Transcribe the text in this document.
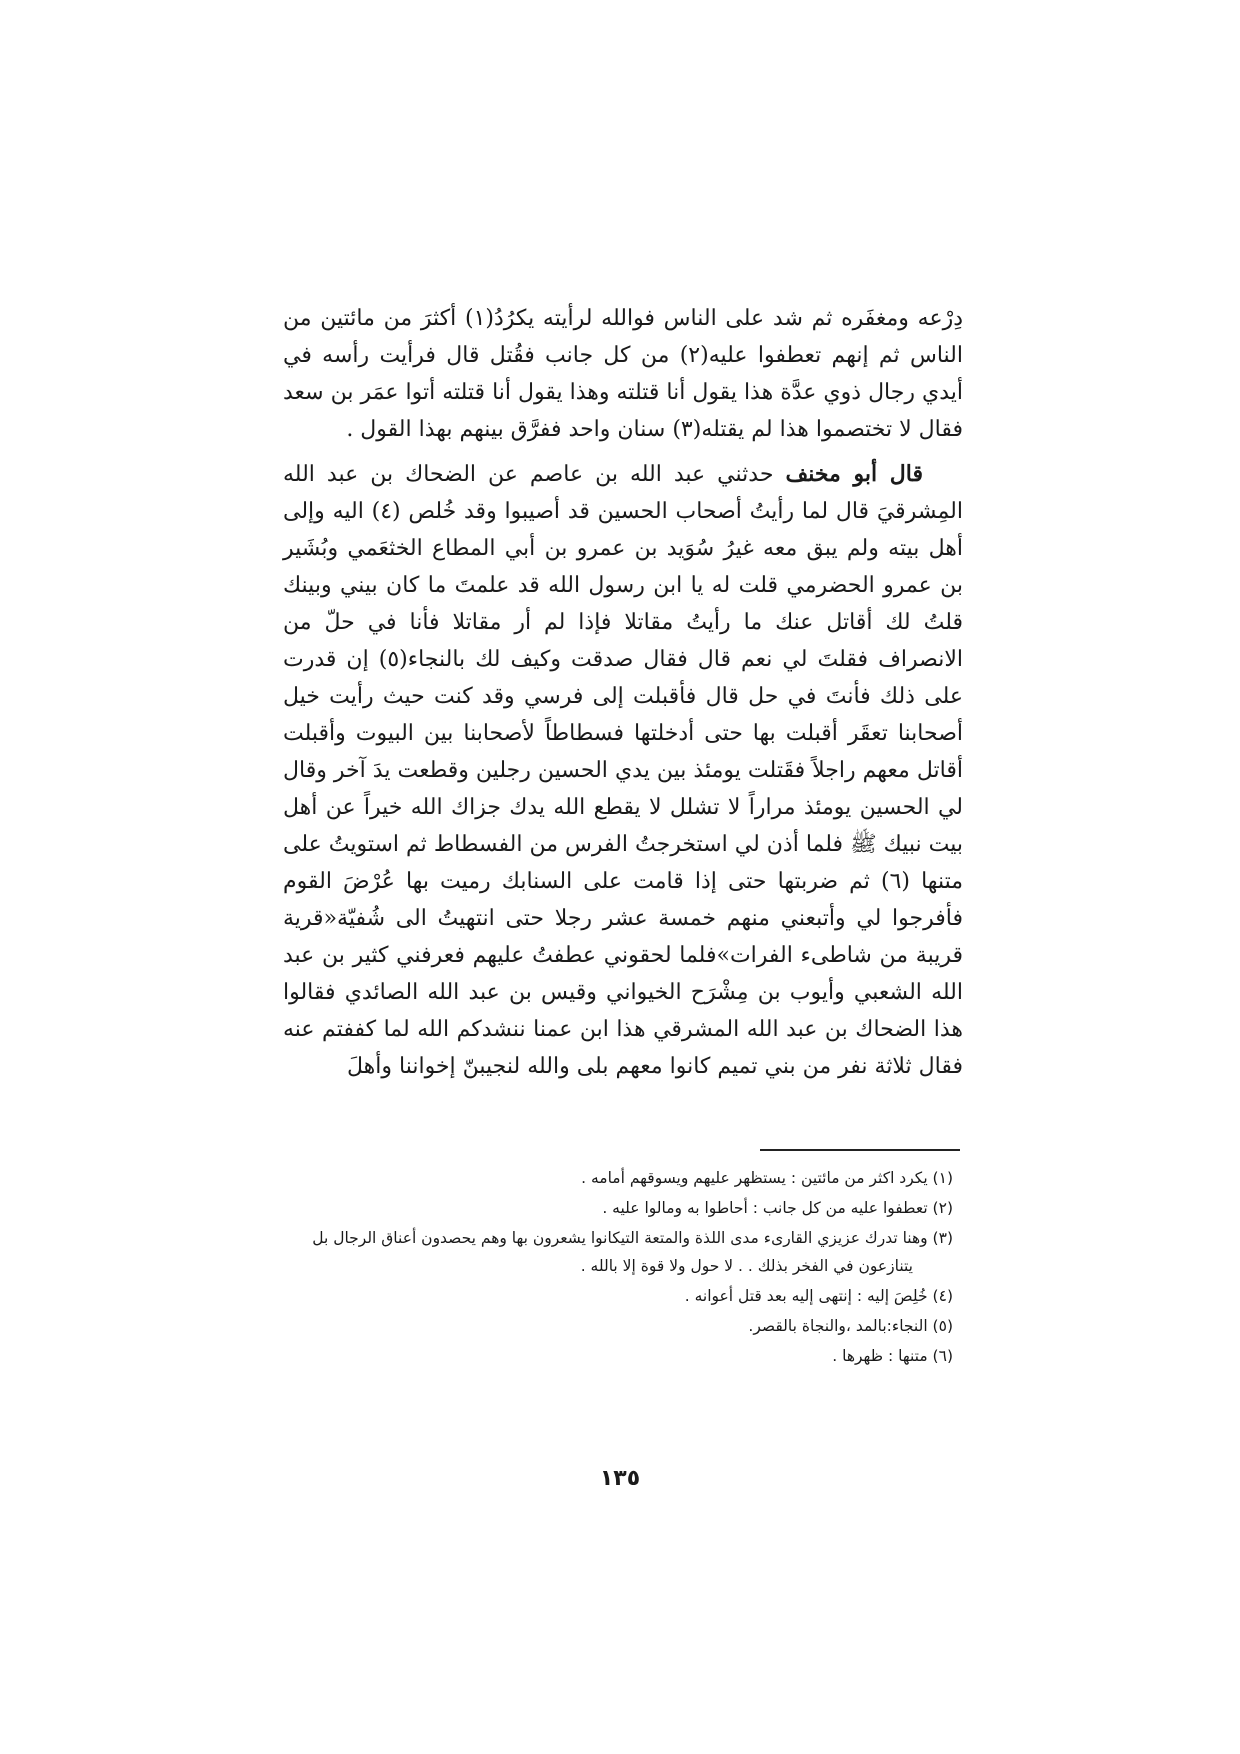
دِرْعه ومغفَره ثم شد على الناس فوالله لرأيته يكرُدُ(١) أكثرَ من مائتين من الناس ثم إنهم تعطفوا عليه(٢) من كل جانب فقُتل قال فرأيت رأسه في أيدي رجال ذوي عدَّة هذا يقول أنا قتلته وهذا يقول أنا قتلته أتوا عمَر بن سعد فقال لا تختصموا هذا لم يقتله(٣) سنان واحد ففرَّق بينهم بهذا القول .

قال أبو مخنف حدثني عبد الله بن عاصم عن الضحاك بن عبد الله المِشرقيَ قال لما رأيتُ أصحاب الحسين قد أصيبوا وقد خُلص (٤) اليه وإلى أهل بيته ولم يبق معه غيرُ سُوَيد بن عمرو بن أبي المطاع الخثعَمي وبُشَير بن عمرو الحضرمي قلت له يا ابن رسول الله قد علمتَ ما كان بيني وبينك قلتُ لك أقاتل عنك ما رأيتُ مقاتلا فإذا لم أر مقاتلا فأنا في حلّ من الانصراف فقلتَ لي نعم قال فقال صدقت وكيف لك بالنجاء(٥) إن قدرت على ذلك فأنتَ في حل قال فأقبلت إلى فرسي وقد كنت حيث رأيت خيل أصحابنا تعقَر أقبلت بها حتى أدخلتها فسطاطاً لأصحابنا بين البيوت وأقبلت أقاتل معهم راجلاً فقَتلت يومئذ بين يدي الحسين رجلين وقطعت يدَ آخر وقال لي الحسين يومئذ مراراً لا تشلل لا يقطع الله يدك جزاك الله خيراً عن أهل بيت نبيك ﷺ فلما أذن لي استخرجتُ الفرس من الفسطاط ثم استويتُ على متنها (٦) ثم ضربتها حتى إذا قامت على السنابك رميت بها عُرْضَ القوم فأفرجوا لي وأتبعني منهم خمسة عشر رجلا حتى انتهيتُ الى شُفيّة«قرية قريبة من شاطىء الفرات»فلما لحقوني عطفتُ عليهم فعرفني كثير بن عبد الله الشعبي وأيوب بن مِشْرَح الخيواني وقيس بن عبد الله الصائدي فقالوا هذا الضحاك بن عبد الله المشرقي هذا ابن عمنا ننشدكم الله لما كففتم عنه فقال ثلاثة نفر من بني تميم كانوا معهم بلى والله لنجيبنّ إخواننا وأهلَ

(١) يكرد اكثر من مائتين : يستظهر عليهم ويسوقهم أمامه .

(٢) تعطفوا عليه من كل جانب : أحاطوا به ومالوا عليه .

(٣) وهنا تدرك عزيزي القارىء مدى اللذة والمتعة التيكانوا يشعرون بها وهم يحصدون أعناق الرجال بل

يتنازعون في الفخر بذلك . . لا حول ولا قوة إلا بالله .

(٤) خُلِصَ إليه : إنتهى إليه بعد قتل أعوانه .

(٥) النجاء:بالمد ،والنجاة بالقصر.

(٦) متنها : ظهرها .

١٣٥
